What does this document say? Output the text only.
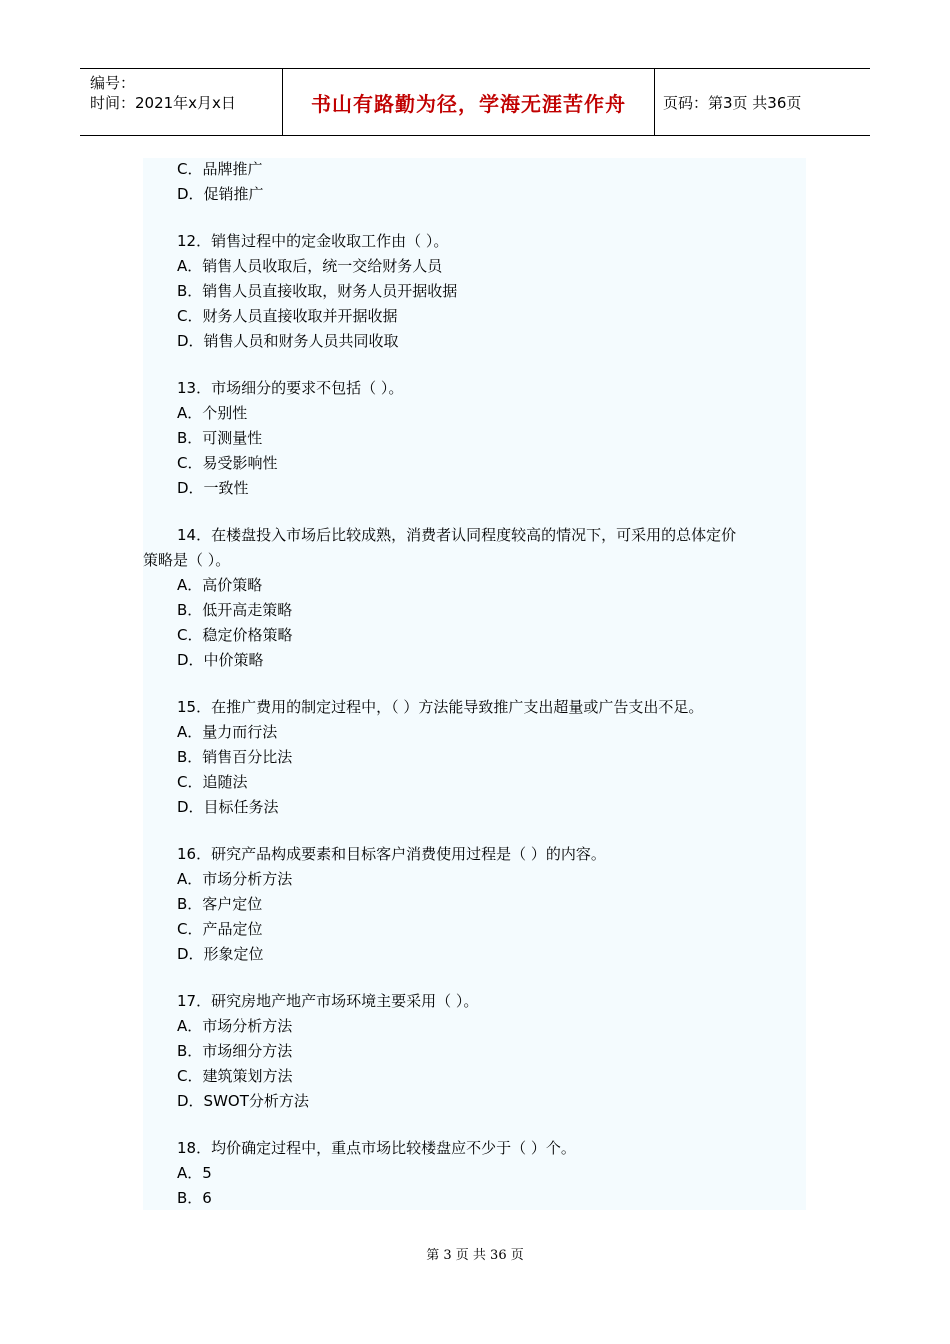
编号：
时间：2021年x月x日	书山有路勤为径，学海无涯苦作舟	页码：第3页 共36页
C．品牌推广
D．促销推广
12．销售过程中的定金收取工作由（ ）。
A．销售人员收取后，统一交给财务人员
B．销售人员直接收取，财务人员开据收据
C．财务人员直接收取并开据收据
D．销售人员和财务人员共同收取
13．市场细分的要求不包括（ ）。
A．个别性
B．可测量性
C．易受影响性
D．一致性
14．在楼盘投入市场后比较成熟，消费者认同程度较高的情况下，可采用的总体定价
策略是（ ）。
A．高价策略
B．低开高走策略
C．稳定价格策略
D．中价策略
15．在推广费用的制定过程中，（ ）方法能导致推广支出超量或广告支出不足。
A．量力而行法
B．销售百分比法
C．追随法
D．目标任务法
16．研究产品构成要素和目标客户消费使用过程是（ ）的内容。
A．市场分析方法
B．客户定位
C．产品定位
D．形象定位
17．研究房地产地产市场环境主要采用（ ）。
A．市场分析方法
B．市场细分方法
C．建筑策划方法
D．SWOT分析方法
18．均价确定过程中，重点市场比较楼盘应不少于（ ）个。
A．5
B．6
第 3 页 共 36 页
